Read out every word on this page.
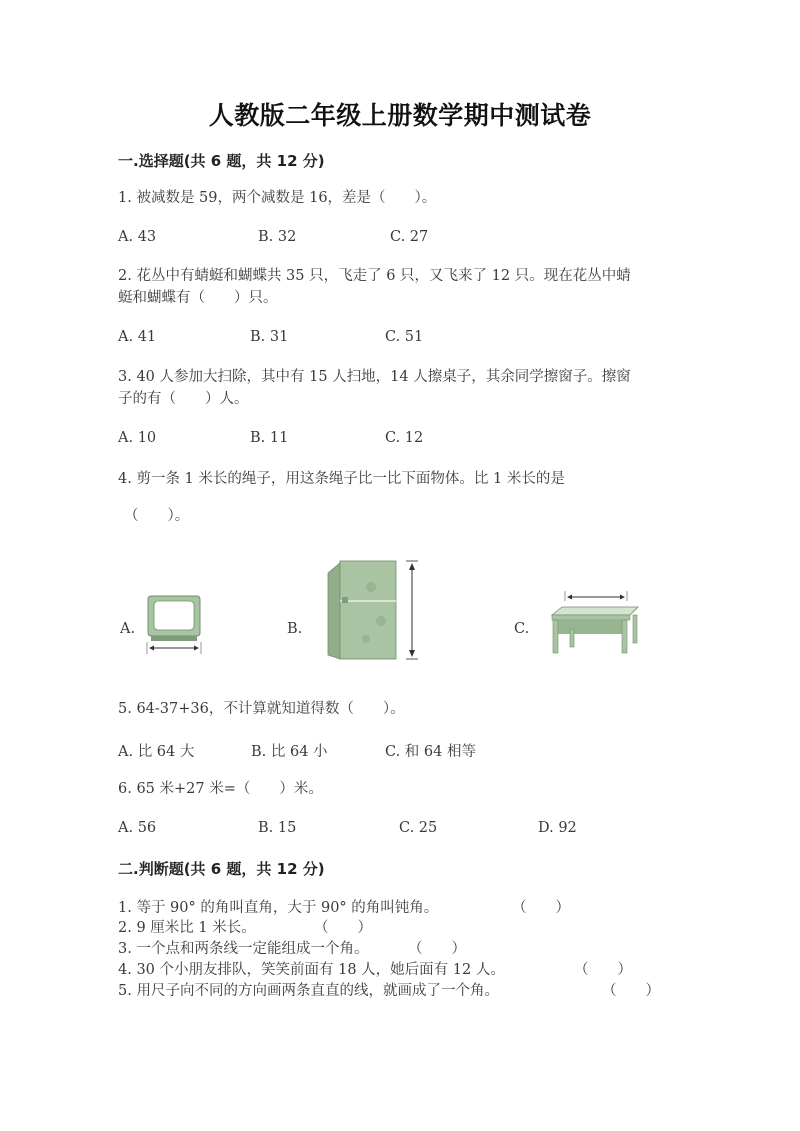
人教版二年级上册数学期中测试卷
一.选择题(共 6 题，共 12 分)
1. 被减数是 59，两个减数是 16，差是（　　）。
A. 43	B. 32	C. 27
2. 花丛中有蜻蜓和蝴蝶共 35 只，飞走了 6 只，又飞来了 12 只。现在花丛中蜻
蜓和蝴蝶有（　　）只。
A. 41	B. 31	C. 51
3. 40 人参加大扫除，其中有 15 人扫地，14 人擦桌子，其余同学擦窗子。擦窗
子的有（　　）人。
A. 10	B. 11	C. 12
4. 剪一条 1 米长的绳子，用这条绳子比一比下面物体。比 1 米长的是
（　　）。
A.	B.	C.
5. 64-37+36，不计算就知道得数（　　）。
A. 比 64 大	B. 比 64 小	C. 和 64 相等
6. 65 米+27 米=（　　）米。
A. 56	B. 15	C. 25	D. 92
二.判断题(共 6 题，共 12 分)
1. 等于 90° 的角叫直角，大于 90° 的角叫钝角。	（　　）
2. 9 厘米比 1 米长。	（　　）
3. 一个点和两条线一定能组成一个角。	（　　）
4. 30 个小朋友排队，笑笑前面有 18 人，她后面有 12 人。	（　　）
5. 用尺子向不同的方向画两条直直的线，就画成了一个角。	（　　）
